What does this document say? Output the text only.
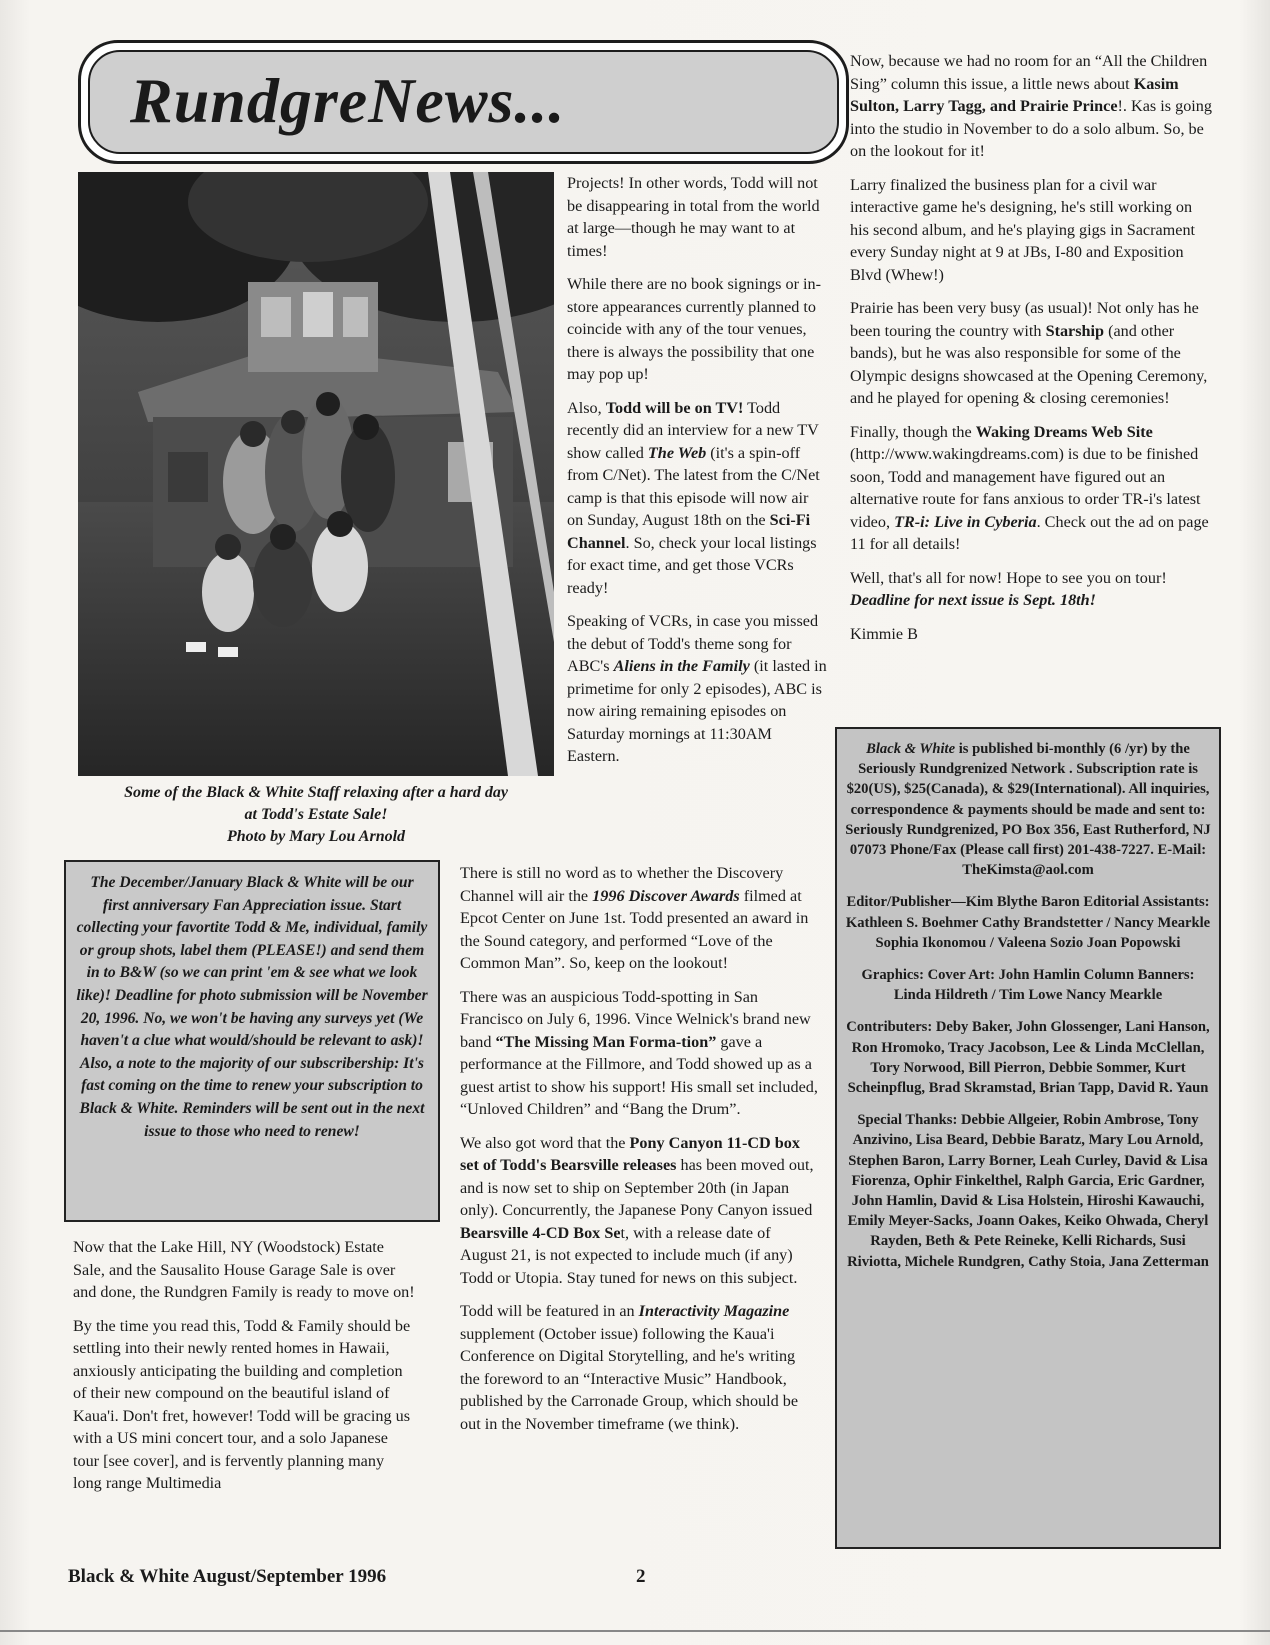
RundgreNews...
Some of the Black & White Staff relaxing after a hard day
at Todd's Estate Sale!
Photo by Mary Lou Arnold
The December/January Black & White will be our first anniversary Fan Appreciation issue. Start collecting your favortite Todd & Me, individual, family or group shots, label them (PLEASE!) and send them in to B&W (so we can print 'em & see what we look like)! Deadline for photo submission will be November 20, 1996. No, we won't be having any surveys yet (We haven't a clue what would/should be relevant to ask)! Also, a note to the majority of our subscribership: It's fast coming on the time to renew your subscription to Black & White. Reminders will be sent out in the next issue to those who need to renew!

Now that the Lake Hill, NY (Woodstock) Estate Sale, and the Sausalito House Garage Sale is over and done, the Rundgren Family is ready to move on!

By the time you read this, Todd & Family should be settling into their newly rented homes in Hawaii, anxiously anticipating the building and completion of their new compound on the beautiful island of Kaua'i. Don't fret, however! Todd will be gracing us with a US mini concert tour, and a solo Japanese tour [see cover], and is fervently planning many long range Multimedia

Projects! In other words, Todd will not be disappearing in total from the world at large—though he may want to at times!

While there are no book signings or in-store appearances currently planned to coincide with any of the tour venues, there is always the possibility that one may pop up!

Also, Todd will be on TV! Todd recently did an interview for a new TV show called The Web (it's a spin-off from C/Net). The latest from the C/Net camp is that this episode will now air on Sunday, August 18th on the Sci-Fi Channel. So, check your local listings for exact time, and get those VCRs ready!

Speaking of VCRs, in case you missed the debut of Todd's theme song for ABC's Aliens in the Family (it lasted in primetime for only 2 episodes), ABC is now airing remaining episodes on Saturday mornings at 11:30AM Eastern.

There is still no word as to whether the Discovery Channel will air the 1996 Discover Awards filmed at Epcot Center on June 1st. Todd presented an award in the Sound category, and performed “Love of the Common Man”. So, keep on the lookout!

There was an auspicious Todd-spotting in San Francisco on July 6, 1996. Vince Welnick's brand new band “The Missing Man Forma-tion” gave a performance at the Fillmore, and Todd showed up as a guest artist to show his support! His small set included, “Unloved Children” and “Bang the Drum”.

We also got word that the Pony Canyon 11-CD box set of Todd's Bearsville releases has been moved out, and is now set to ship on September 20th (in Japan only). Concurrently, the Japanese Pony Canyon issued Bearsville 4-CD Box Set, with a release date of August 21, is not expected to include much (if any) Todd or Utopia. Stay tuned for news on this subject.

Todd will be featured in an Interactivity Magazine supplement (October issue) following the Kaua'i Conference on Digital Storytelling, and he's writing the foreword to an “Interactive Music” Handbook, published by the Carronade Group, which should be out in the November timeframe (we think).

Now, because we had no room for an “All the Children Sing” column this issue, a little news about Kasim Sulton, Larry Tagg, and Prairie Prince!. Kas is going into the studio in November to do a solo album. So, be on the lookout for it!

Larry finalized the business plan for a civil war interactive game he's designing, he's still working on his second album, and he's playing gigs in Sacrament every Sunday night at 9 at JBs, I-80 and Exposition Blvd (Whew!)

Prairie has been very busy (as usual)! Not only has he been touring the country with Starship (and other bands), but he was also responsible for some of the Olympic designs showcased at the Opening Ceremony, and he played for opening & closing ceremonies!

Finally, though the Waking Dreams Web Site (http://www.wakingdreams.com) is due to be finished soon, Todd and management have figured out an alternative route for fans anxious to order TR-i's latest video, TR-i: Live in Cyberia. Check out the ad on page 11 for all details!

Well, that's all for now! Hope to see you on tour! Deadline for next issue is Sept. 18th!

Kimmie B

Black & White is published bi-monthly (6 /yr) by the Seriously Rundgrenized Network . Subscription rate is $20(US), $25(Canada), & $29(International). All inquiries, correspondence & payments should be made and sent to: Seriously Rundgrenized, PO Box 356, East Rutherford, NJ 07073 Phone/Fax (Please call first) 201-438-7227. E-Mail: TheKimsta@aol.com

Editor/Publisher—Kim Blythe Baron Editorial Assistants: Kathleen S. Boehmer Cathy Brandstetter / Nancy Mearkle Sophia Ikonomou / Valeena Sozio Joan Popowski

Graphics: Cover Art: John Hamlin Column Banners: Linda Hildreth / Tim Lowe Nancy Mearkle

Contributers: Deby Baker, John Glossenger, Lani Hanson, Ron Hromoko, Tracy Jacobson, Lee & Linda McClellan, Tory Norwood, Bill Pierron, Debbie Sommer, Kurt Scheinpflug, Brad Skramstad, Brian Tapp, David R. Yaun

Special Thanks: Debbie Allgeier, Robin Ambrose, Tony Anzivino, Lisa Beard, Debbie Baratz, Mary Lou Arnold, Stephen Baron, Larry Borner, Leah Curley, David & Lisa Fiorenza, Ophir Finkelthel, Ralph Garcia, Eric Gardner, John Hamlin, David & Lisa Holstein, Hiroshi Kawauchi, Emily Meyer-Sacks, Joann Oakes, Keiko Ohwada, Cheryl Rayden, Beth & Pete Reineke, Kelli Richards, Susi Riviotta, Michele Rundgren, Cathy Stoia, Jana Zetterman

Black & White August/September 1996	2
